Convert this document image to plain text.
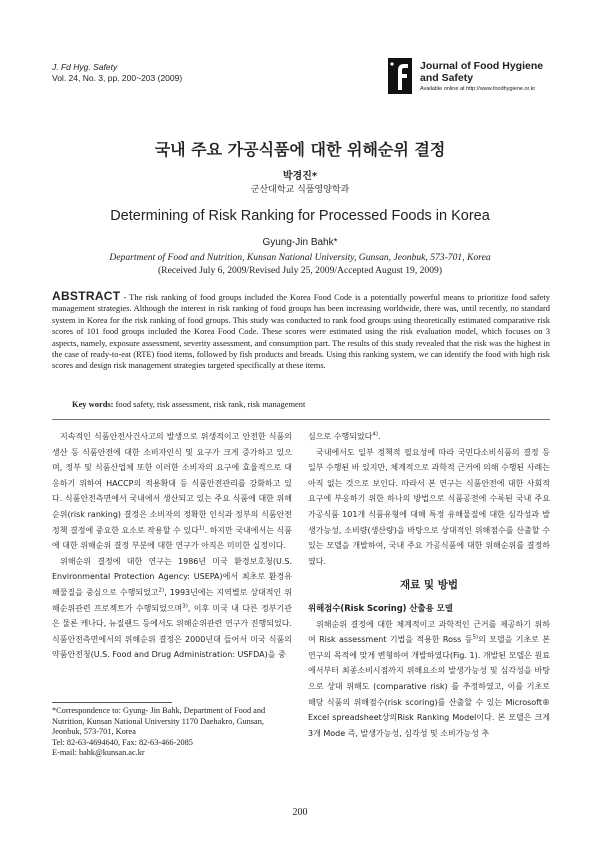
J. Fd Hyg. Safety
Vol. 24, No. 3, pp. 200~203 (2009)
Journal of Food Hygiene
and Safety
Available online at http://www.foodhygiene.or.kr
국내 주요 가공식품에 대한 위해순위 결정
박경진*
군산대학교 식품영양학과
Determining of Risk Ranking for Processed Foods in Korea
Gyung-Jin Bahk*
Department of Food and Nutrition, Kunsan National University, Gunsan, Jeonbuk, 573-701, Korea
(Received July 6, 2009/Revised July 25, 2009/Accepted August 19, 2009)
ABSTRACT - The risk ranking of food groups included the Korea Food Code is a potentially powerful means to prioritize food safety management strategies. Although the interest in risk ranking of food groups has been increasing worldwide, there was, until recently, no standard system in Korea for the risk ranking of food groups. This study was conducted to rank food groups using theoretically estimated comparative risk scores of 101 food groups included the Korea Food Code. These scores were estimated using the risk evaluation model, which focuses on 3 aspects, namely, exposure assessment, severity assessment, and consumption part. The results of this study revealed that the risk was the highest in the case of ready-to-eat (RTE) food items, followed by fish products and breads. Using this ranking system, we can identify the food with high risk scores and design risk management strategies targeted specifically at these items.
Key words: food safety, risk assessment, risk rank, risk management

지속적인 식품안전사건사고의 발생으로 위생적이고 안전한 식품의 생산 등 식품안전에 대한 소비자인식 및 요구가 크게 증가하고 있으며, 정부 및 식품산업체 또한 이러한 소비자의 요구에 효율적으로 대응하기 위하여 HACCP의 적용확대 등 식품안전관리를 강화하고 있다. 식품안전측면에서 국내에서 생산되고 있는 주요 식품에 대한 위해순위(risk ranking) 결정은 소비자의 정확한 인식과 정부의 식품안전정책 결정에 중요한 요소로 작용할 수 있다$^{1)}$. 하지만 국내에서는 식품에 대한 위해순위 결정 부분에 대한 연구가 아직은 미미한 실정이다.

위해순위 결정에 대한 연구는 1986년 미국 환경보호청(U.S. Environmental Protection Agency: USEPA)에서 최초로 환경유해물질을 중심으로 수행되었고$^{2)}$, 1993년에는 지역별로 상대적인 위해순위관련 프로젝트가 수행되었으며$^{3)}$, 이후 미국 내 다른 정부기관은 물론 캐나다, 뉴질랜드 등에서도 위해순위관련 연구가 진행되었다. 식품안전측면에서의 위해순위 결정은 2000년대 들어서 미국 식품의약품안전청(U.S. Food and Drug Administration: USFDA)을 중

심으로 수행되었다$^{4)}$.

국내에서도 일부 정책적 필요성에 따라 국민다소비식품의 결정 등 일부 수행된 바 있지만, 체계적으로 과학적 근거에 의해 수행된 사례는 아직 없는 것으로 보인다. 따라서 본 연구는 식품안전에 대한 사회적 요구에 부응하기 위한 하나의 방법으로 식품공전에 수록된 국내 주요 가공식품 101개 식품유형에 대해 특정 유해물질에 대한 심각성과 발생가능성, 소비량(생산량)을 바탕으로 상대적인 위해점수를 산출할 수 있는 모델을 개발하여, 국내 주요 가공식품에 대한 위해순위를 결정하였다.

재료 및 방법
위해점수(Risk Scoring) 산출용 모델

위해순위 결정에 대한 체계적이고 과학적인 근거를 제공하기 위하여 Risk assessment 기법을 적용한 Ross 등$^{5)}$의 모델을 기초로 본 연구의 목적에 맞게 변형하여 개발하였다(Fig. 1). 개발된 모델은 원료에서부터 최종소비시점까지 위해요소의 발생가능성 및 심각성을 바탕으로 상대 위해도 (comparative risk) 를 추정하였고, 이를 기초로 해당 식품의 위해점수(risk scoring)를 산출할 수 있는 Microsoft® Excel spreadsheet상의Risk Ranking Model이다. 본 모델은 크게 3개 Mode 즉, 발생가능성, 심각성 및 소비가능성 추

*Correspondence to: Gyung- Jin Bahk, Department of Food and Nutrition, Kunsan National University 1170 Daehakro, Gunsan, Jeonbuk, 573-701, Korea
Tel: 82-63-4694640, Fax: 82-63-466-2085
E-mail: bahk@kunsan.ac.kr
200
